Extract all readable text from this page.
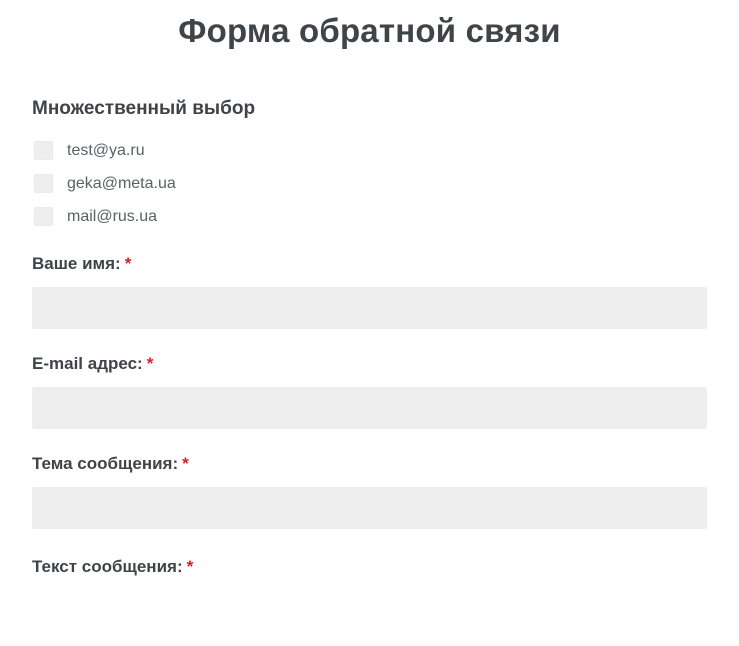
Форма обратной связи
Множественный выбор
test@ya.ru
geka@meta.ua
mail@rus.ua
Ваше имя: *
E-mail адрес: *
Тема сообщения: *
Текст сообщения: *
